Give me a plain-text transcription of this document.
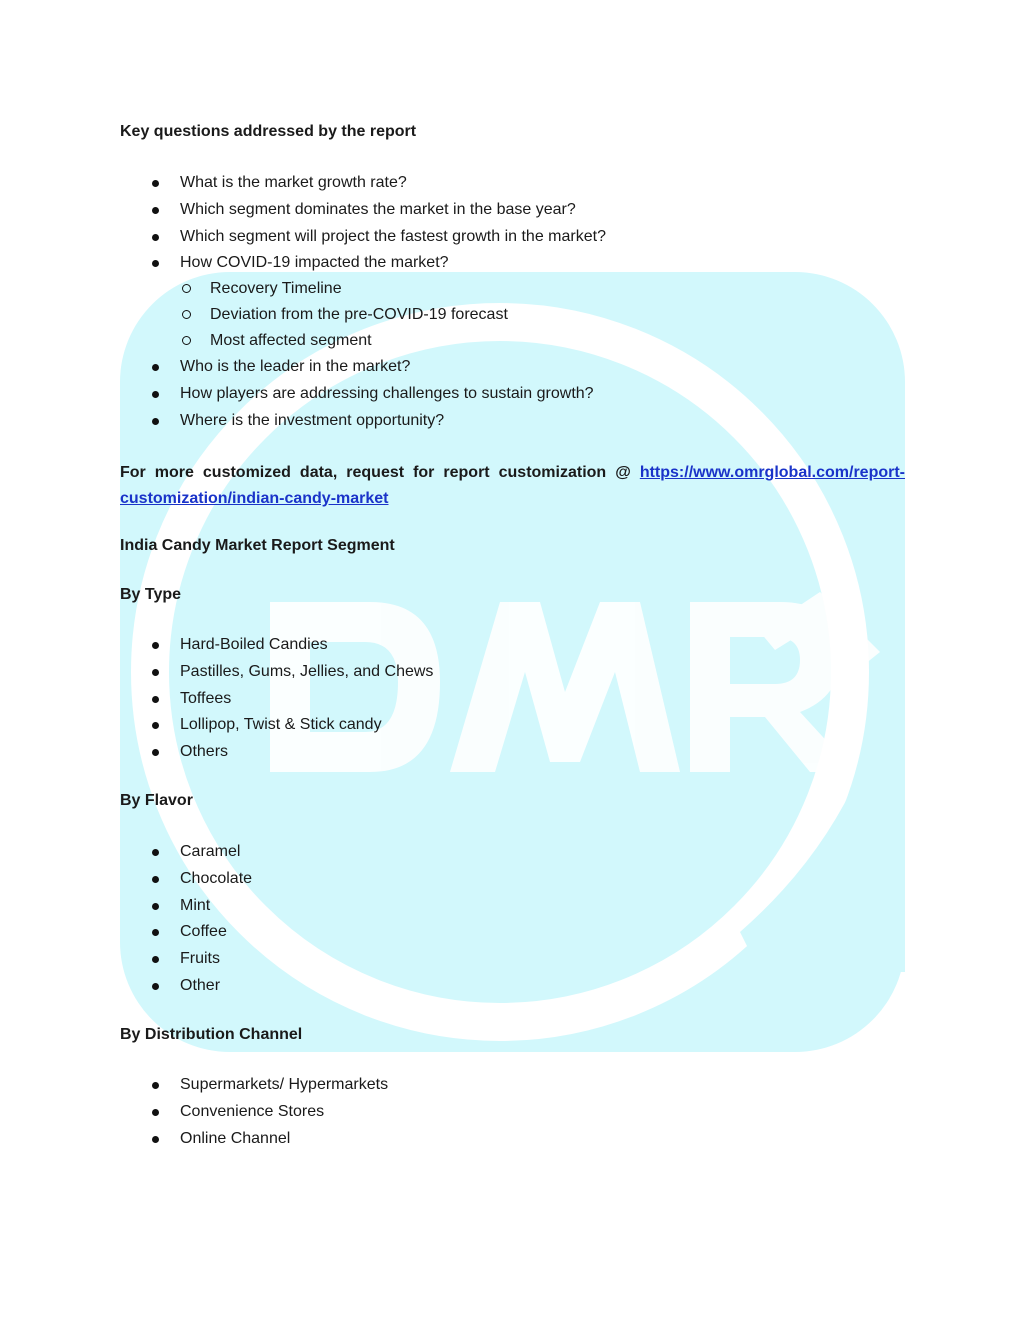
Key questions addressed by the report
What is the market growth rate?
Which segment dominates the market in the base year?
Which segment will project the fastest growth in the market?
How COVID-19 impacted the market?
Recovery Timeline
Deviation from the pre-COVID-19 forecast
Most affected segment
Who is the leader in the market?
How players are addressing challenges to sustain growth?
Where is the investment opportunity?
For more customized data, request for report customization @ https://www.omrglobal.com/report-customization/indian-candy-market
India Candy Market Report Segment
By Type
Hard-Boiled Candies
Pastilles, Gums, Jellies, and Chews
Toffees
Lollipop, Twist & Stick candy
Others
By Flavor
Caramel
Chocolate
Mint
Coffee
Fruits
Other
By Distribution Channel
Supermarkets/ Hypermarkets
Convenience Stores
Online Channel
